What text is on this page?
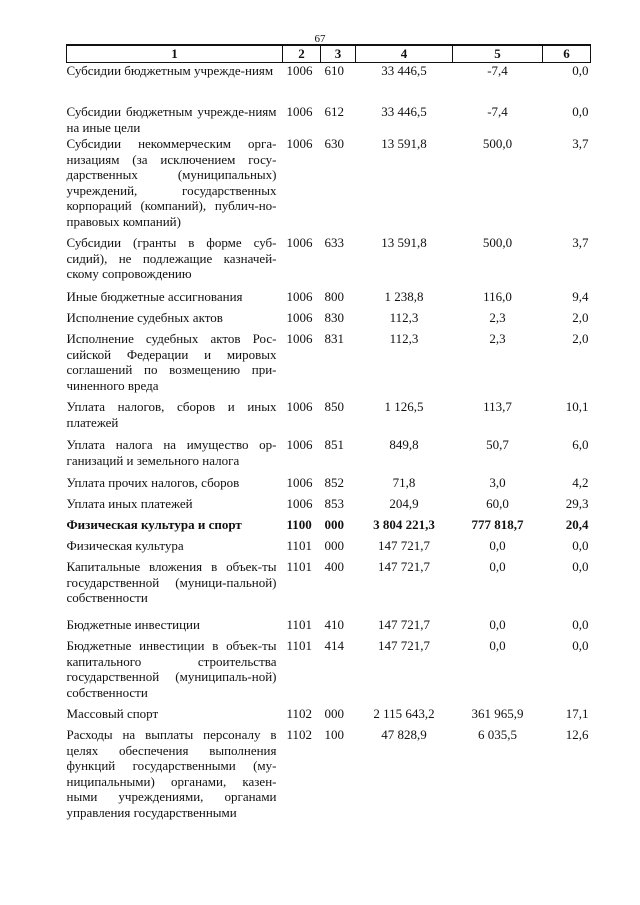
67
1	2	3	4	5	6
Субсидии бюджетным учрежде-ниям	1006	610	33 446,5	-7,4	0,0
Субсидии бюджетным учрежде-ниям на иные цели	1006	612	33 446,5	-7,4	0,0
Субсидии некоммерческим орга-низациям (за исключением госу-дарственных (муниципальных) учреждений, государственных корпораций (компаний), публич-но-правовых компаний)	1006	630	13 591,8	500,0	3,7
Субсидии (гранты в форме суб-сидий), не подлежащие казначей-скому сопровождению	1006	633	13 591,8	500,0	3,7
Иные бюджетные ассигнования	1006	800	1 238,8	116,0	9,4
Исполнение судебных актов	1006	830	112,3	2,3	2,0
Исполнение судебных актов Рос-сийской Федерации и мировых соглашений по возмещению при-чиненного вреда	1006	831	112,3	2,3	2,0
Уплата налогов, сборов и иных платежей	1006	850	1 126,5	113,7	10,1
Уплата налога на имущество ор-ганизаций и земельного налога	1006	851	849,8	50,7	6,0
Уплата прочих налогов, сборов	1006	852	71,8	3,0	4,2
Уплата иных платежей	1006	853	204,9	60,0	29,3
Физическая культура и спорт	1100	000	3 804 221,3	777 818,7	20,4
Физическая культура	1101	000	147 721,7	0,0	0,0
Капитальные вложения в объек-ты государственной (муници-пальной) собственности	1101	400	147 721,7	0,0	0,0
Бюджетные инвестиции	1101	410	147 721,7	0,0	0,0
Бюджетные инвестиции в объек-ты капитального строительства государственной (муниципаль-ной) собственности	1101	414	147 721,7	0,0	0,0
Массовый спорт	1102	000	2 115 643,2	361 965,9	17,1
Расходы на выплаты персоналу в целях обеспечения выполнения функций государственными (му-ниципальными) органами, казен-ными учреждениями, органами управления государственными	1102	100	47 828,9	6 035,5	12,6
